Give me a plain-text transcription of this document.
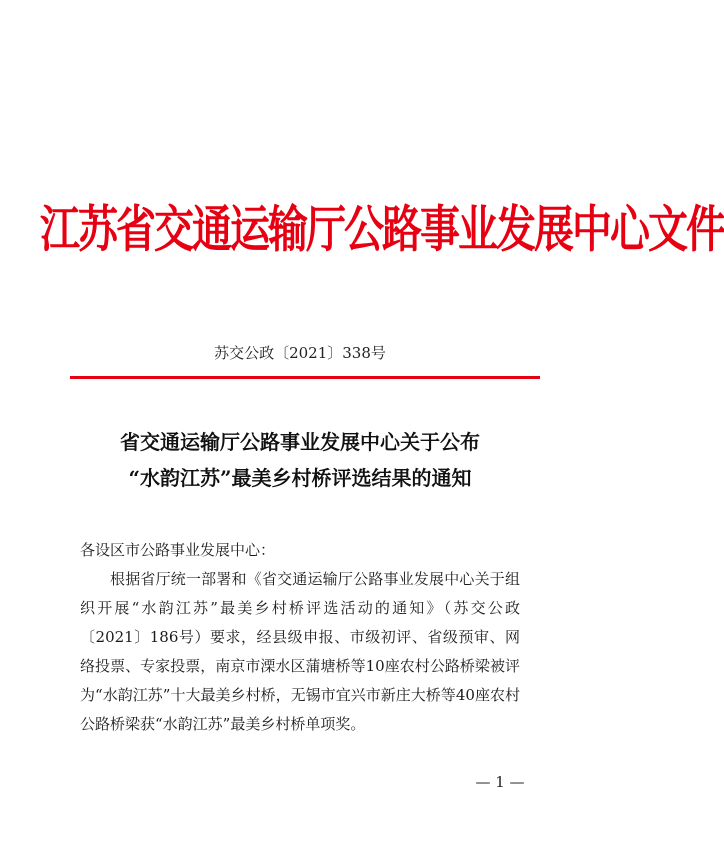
江苏省交通运输厅公路事业发展中心文件
苏交公政〔2021〕338号
省交通运输厅公路事业发展中心关于公布
“水韵江苏”最美乡村桥评选结果的通知

各设区市公路事业发展中心：

根据省厅统一部署和《省交通运输厅公路事业发展中心关于组织开展“水韵江苏”最美乡村桥评选活动的通知》（苏交公政〔2021〕186号）要求，经县级申报、市级初评、省级预审、网络投票、专家投票，南京市溧水区蒲塘桥等10座农村公路桥梁被评为“水韵江苏”十大最美乡村桥，无锡市宜兴市新庄大桥等40座农村公路桥梁获“水韵江苏”最美乡村桥单项奖。

— 1 —
